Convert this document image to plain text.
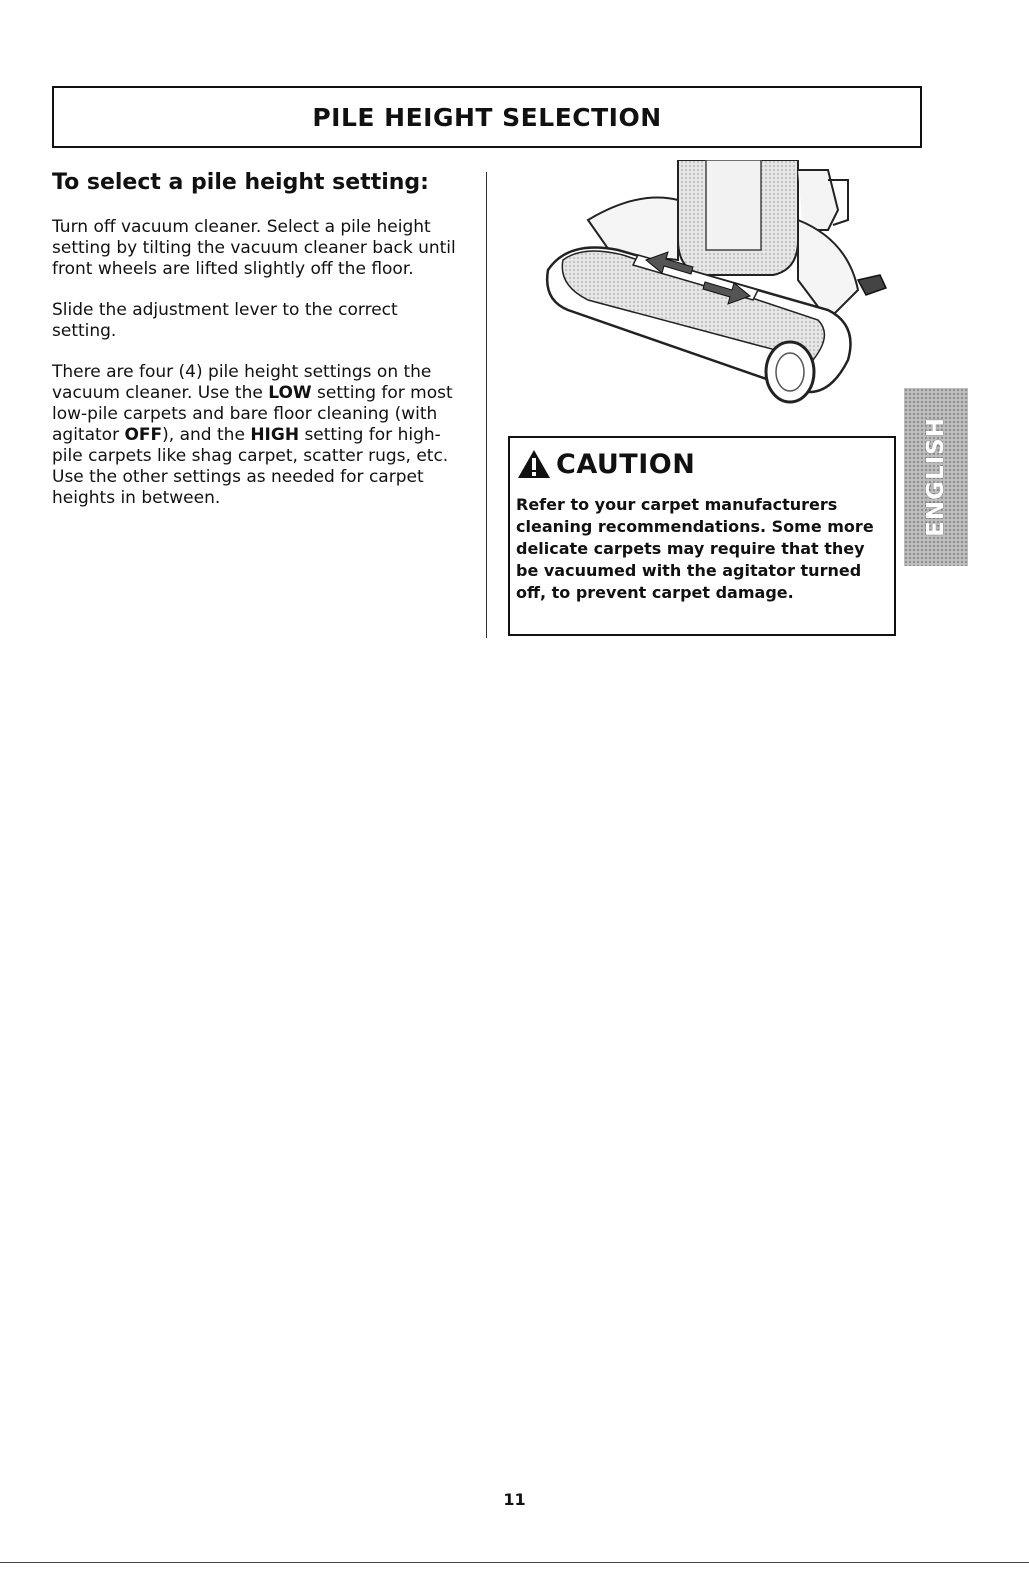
PILE HEIGHT SELECTION
To select a pile height setting:

Turn off vacuum cleaner. Select a pile height setting by tilting the vacuum cleaner back until front wheels are lifted slightly off the floor.

Slide the adjustment lever to the correct setting.

There are four (4) pile height settings on the vacuum cleaner. Use the LOW setting for most low-pile carpets and bare floor cleaning (with agitator OFF), and the HIGH setting for high-pile carpets like shag carpet, scatter rugs, etc. Use the other settings as needed for carpet heights in between.

CAUTION

Refer to your carpet manufacturers cleaning recommendations. Some more delicate carpets may require that they be vacuumed with the agitator turned off, to prevent carpet damage.

ENGLISH
11
